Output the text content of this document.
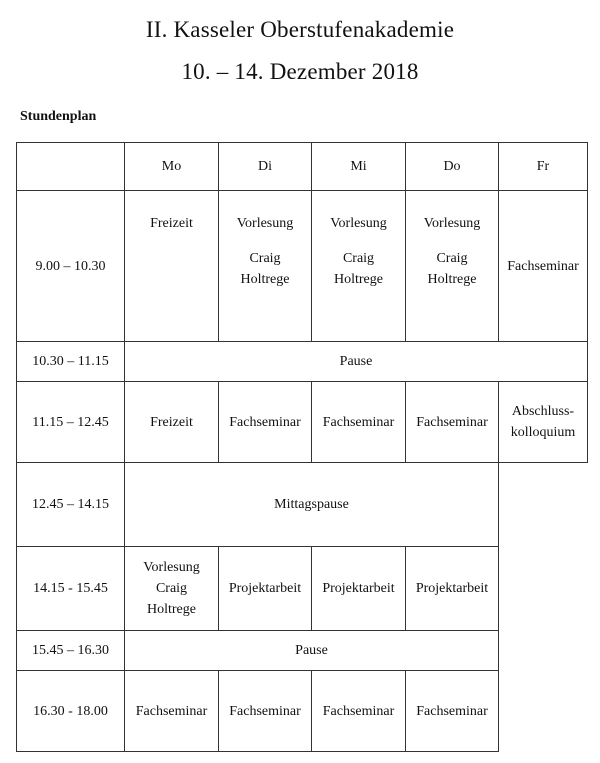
II. Kasseler Oberstufenakademie
10. – 14. Dezember 2018
Stundenplan
	Mo	Di	Mi	Do	Fr
9.00 – 10.30	Freizeit	Vorlesung
Craig
Holtrege	Vorlesung
Craig
Holtrege	Vorlesung
Craig
Holtrege	Fachseminar
10.30 – 11.15	Pause				
11.15 – 12.45	Freizeit	Fachseminar	Fachseminar	Fachseminar	Abschluss-
kolloquium
12.45 – 14.15	Mittagspause				
14.15 - 15.45	Vorlesung
Craig
Holtrege	Projektarbeit	Projektarbeit	Projektarbeit	
15.45 – 16.30	Pause				
16.30 - 18.00	Fachseminar	Fachseminar	Fachseminar	Fachseminar	
